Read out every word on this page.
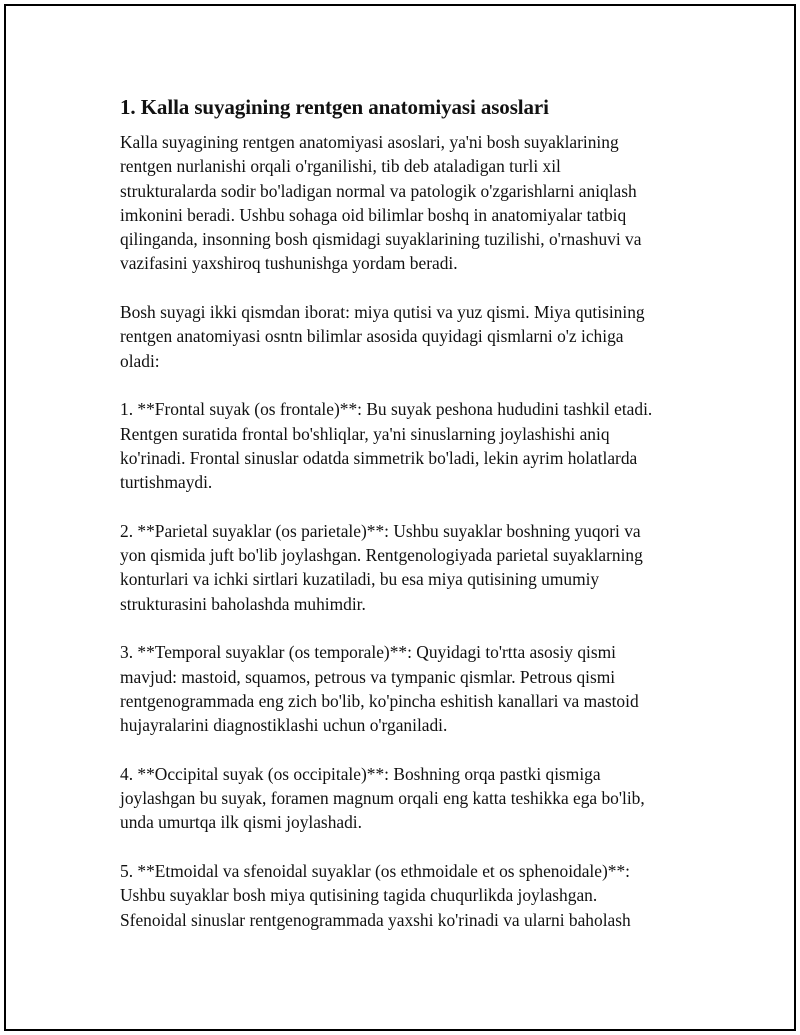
1. Kalla suyagining rentgen anatomiyasi asoslari

Kalla suyagining rentgen anatomiyasi asoslari, ya'ni bosh suyaklarining
rentgen nurlanishi orqali o'rganilishi, tib deb ataladigan turli xil
strukturalarda sodir bo'ladigan normal va patologik o'zgarishlarni aniqlash
imkonini beradi. Ushbu sohaga oid bilimlar boshq in anatomiyalar tatbiq
qilinganda, insonning bosh qismidagi suyaklarining tuzilishi, o'rnashuvi va
vazifasini yaxshiroq tushunishga yordam beradi.

Bosh suyagi ikki qismdan iborat: miya qutisi va yuz qismi. Miya qutisining
rentgen anatomiyasi osntn bilimlar asosida quyidagi qismlarni o'z ichiga
oladi:

1. **Frontal suyak (os frontale)**: Bu suyak peshona hududini tashkil etadi.
Rentgen suratida frontal bo'shliqlar, ya'ni sinuslarning joylashishi aniq
ko'rinadi. Frontal sinuslar odatda simmetrik bo'ladi, lekin ayrim holatlarda
turtishmaydi.

2. **Parietal suyaklar (os parietale)**: Ushbu suyaklar boshning yuqori va
yon qismida juft bo'lib joylashgan. Rentgenologiyada parietal suyaklarning
konturlari va ichki sirtlari kuzatiladi, bu esa miya qutisining umumiy
strukturasini baholashda muhimdir.

3. **Temporal suyaklar (os temporale)**: Quyidagi to'rtta asosiy qismi
mavjud: mastoid, squamos, petrous va tympanic qismlar. Petrous qismi
rentgenogrammada eng zich bo'lib, ko'pincha eshitish kanallari va mastoid
hujayralarini diagnostiklashi uchun o'rganiladi.

4. **Occipital suyak (os occipitale)**: Boshning orqa pastki qismiga
joylashgan bu suyak, foramen magnum orqali eng katta teshikka ega bo'lib,
unda umurtqa ilk qismi joylashadi.

5. **Etmoidal va sfenoidal suyaklar (os ethmoidale et os sphenoidale)**:
Ushbu suyaklar bosh miya qutisining tagida chuqurlikda joylashgan.
Sfenoidal sinuslar rentgenogrammada yaxshi ko'rinadi va ularni baholash
